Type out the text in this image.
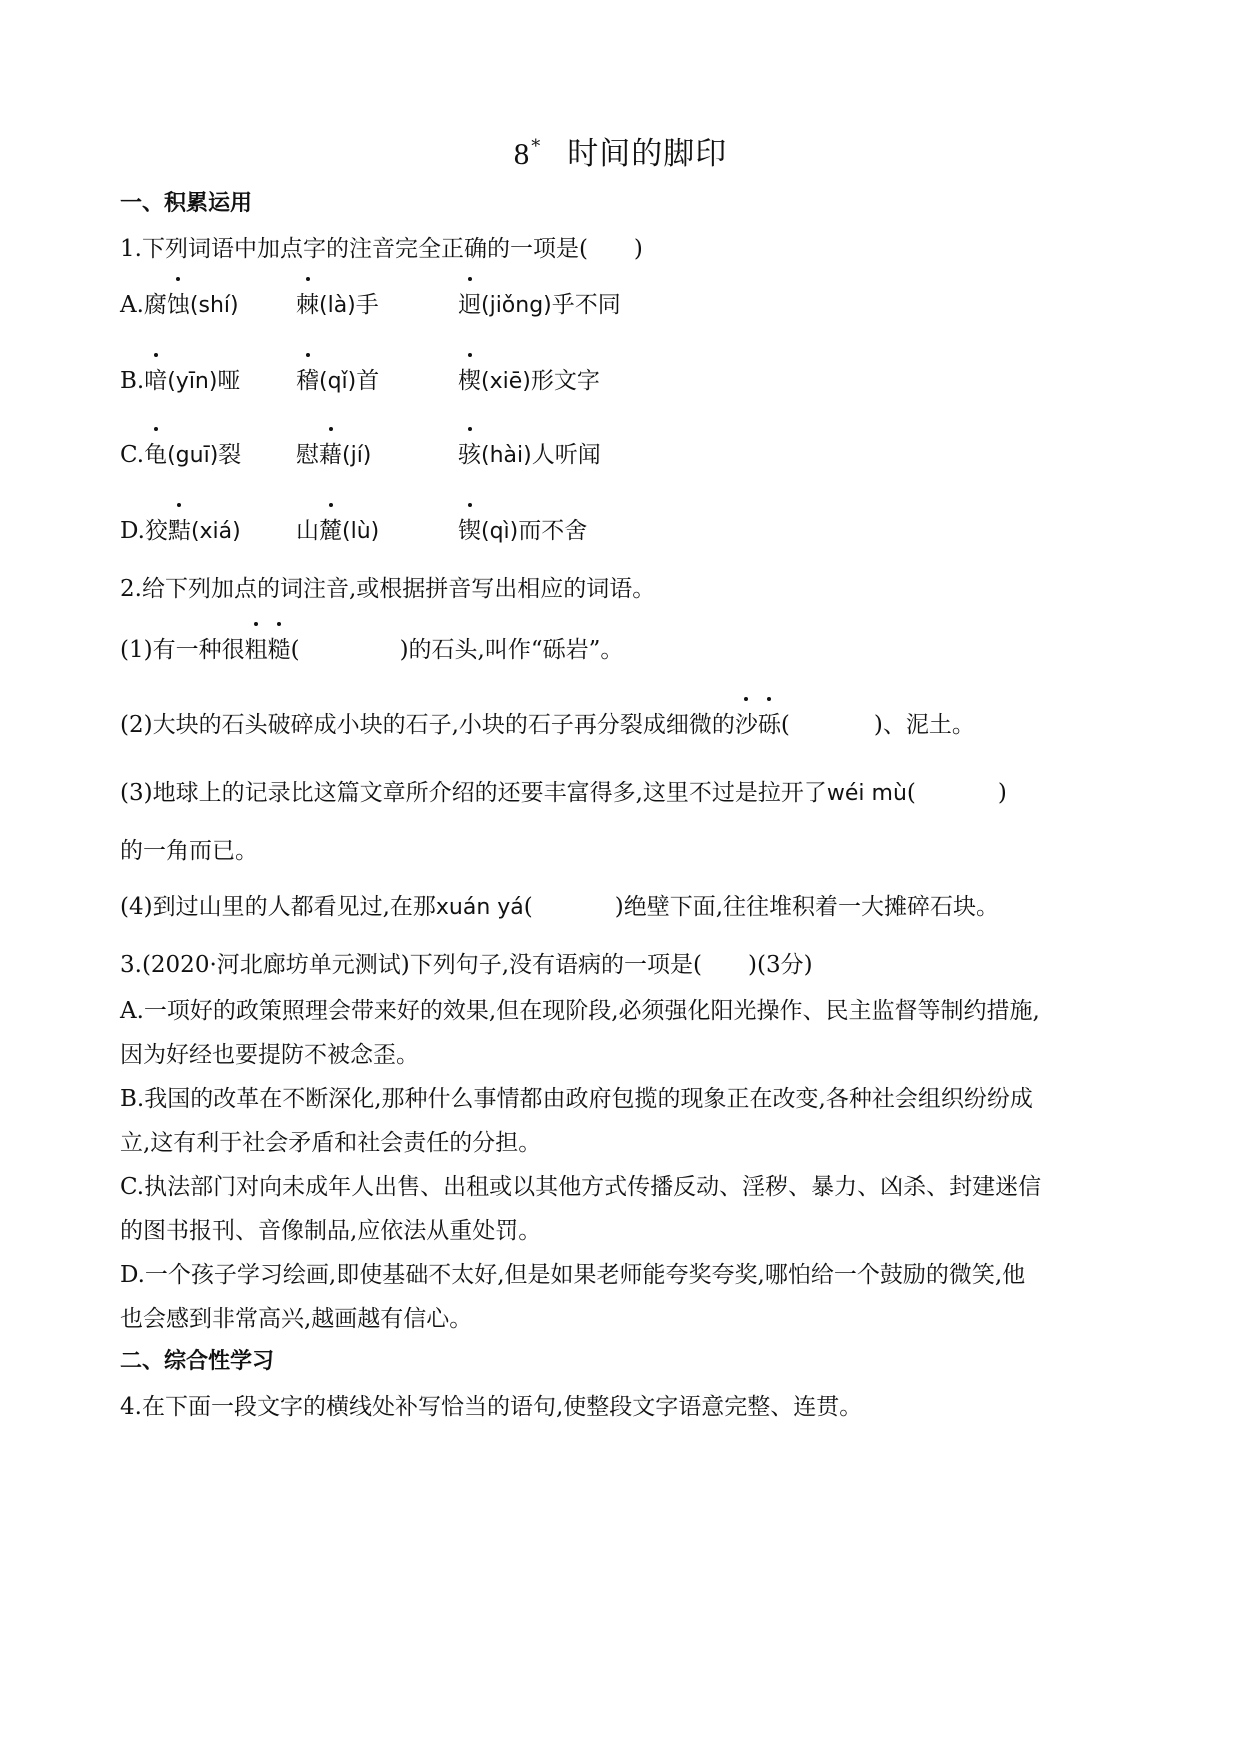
8* 时间的脚印
一、积累运用
1.下列词语中加点字的注音完全正确的一项是(　　)
A.腐蚀(shí) 棘(là)手	迥(jiǒng)乎不同
B.喑(yīn)哑 稽(qǐ)首	楔(xiē)形文字
C.龟(guī)裂 慰藉(jí)	骇(hài)人听闻
D.狡黠(xiá) 山麓(lù)	锲(qì)而不舍
2.给下列加点的词注音,或根据拼音写出相应的词语。
(1)有一种很粗糙(	)的石头,叫作“砾岩”。
(2)大块的石头破碎成小块的石子,小块的石子再分裂成细微的沙砾(	)、泥土。
(3)地球上的记录比这篇文章所介绍的还要丰富得多,这里不过是拉开了wéi mù(	)
的一角而已。
(4)到过山里的人都看见过,在那xuán yá(	)绝壁下面,往往堆积着一大摊碎石块。
3.(2020·河北廊坊单元测试)下列句子,没有语病的一项是(　　)(3分)
A.一项好的政策照理会带来好的效果,但在现阶段,必须强化阳光操作、民主监督等制约措施,
因为好经也要提防不被念歪。
B.我国的改革在不断深化,那种什么事情都由政府包揽的现象正在改变,各种社会组织纷纷成
立,这有利于社会矛盾和社会责任的分担。
C.执法部门对向未成年人出售、出租或以其他方式传播反动、淫秽、暴力、凶杀、封建迷信
的图书报刊、音像制品,应依法从重处罚。
D.一个孩子学习绘画,即使基础不太好,但是如果老师能夸奖夸奖,哪怕给一个鼓励的微笑,他
也会感到非常高兴,越画越有信心。
二、综合性学习
4.在下面一段文字的横线处补写恰当的语句,使整段文字语意完整、连贯。
